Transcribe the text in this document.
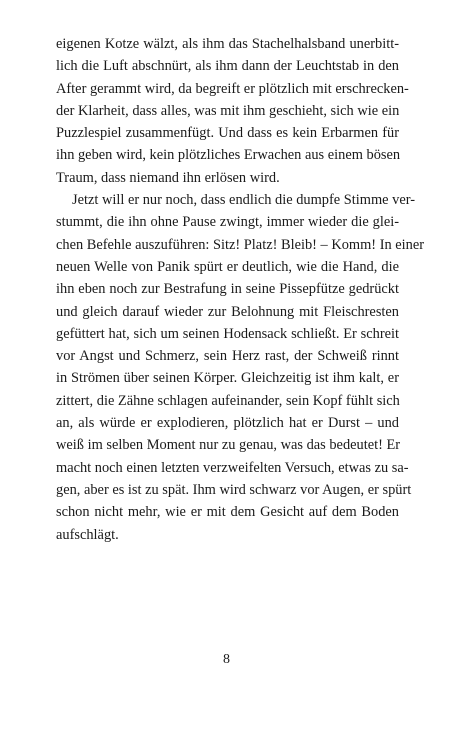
eigenen Kotze wälzt, als ihm das Stachelhalsband unerbitt-
lich die Luft abschnürt, als ihm dann der Leuchtstab in den
After gerammt wird, da begreift er plötzlich mit erschrecken-
der Klarheit, dass alles, was mit ihm geschieht, sich wie ein
Puzzlespiel zusammenfügt. Und dass es kein Erbarmen für
ihn geben wird, kein plötzliches Erwachen aus einem bösen
Traum, dass niemand ihn erlösen wird.
Jetzt will er nur noch, dass endlich die dumpfe Stimme ver-
stummt, die ihn ohne Pause zwingt, immer wieder die glei-
chen Befehle auszuführen: Sitz! Platz! Bleib! – Komm! In einer
neuen Welle von Panik spürt er deutlich, wie die Hand, die
ihn eben noch zur Bestrafung in seine Pissepfütze gedrückt
und gleich darauf wieder zur Belohnung mit Fleischresten
gefüttert hat, sich um seinen Hodensack schließt. Er schreit
vor Angst und Schmerz, sein Herz rast, der Schweiß rinnt
in Strömen über seinen Körper. Gleichzeitig ist ihm kalt, er
zittert, die Zähne schlagen aufeinander, sein Kopf fühlt sich
an, als würde er explodieren, plötzlich hat er Durst – und
weiß im selben Moment nur zu genau, was das bedeutet! Er
macht noch einen letzten verzweifelten Versuch, etwas zu sa-
gen, aber es ist zu spät. Ihm wird schwarz vor Augen, er spürt
schon nicht mehr, wie er mit dem Gesicht auf dem Boden
aufschlägt.
8
